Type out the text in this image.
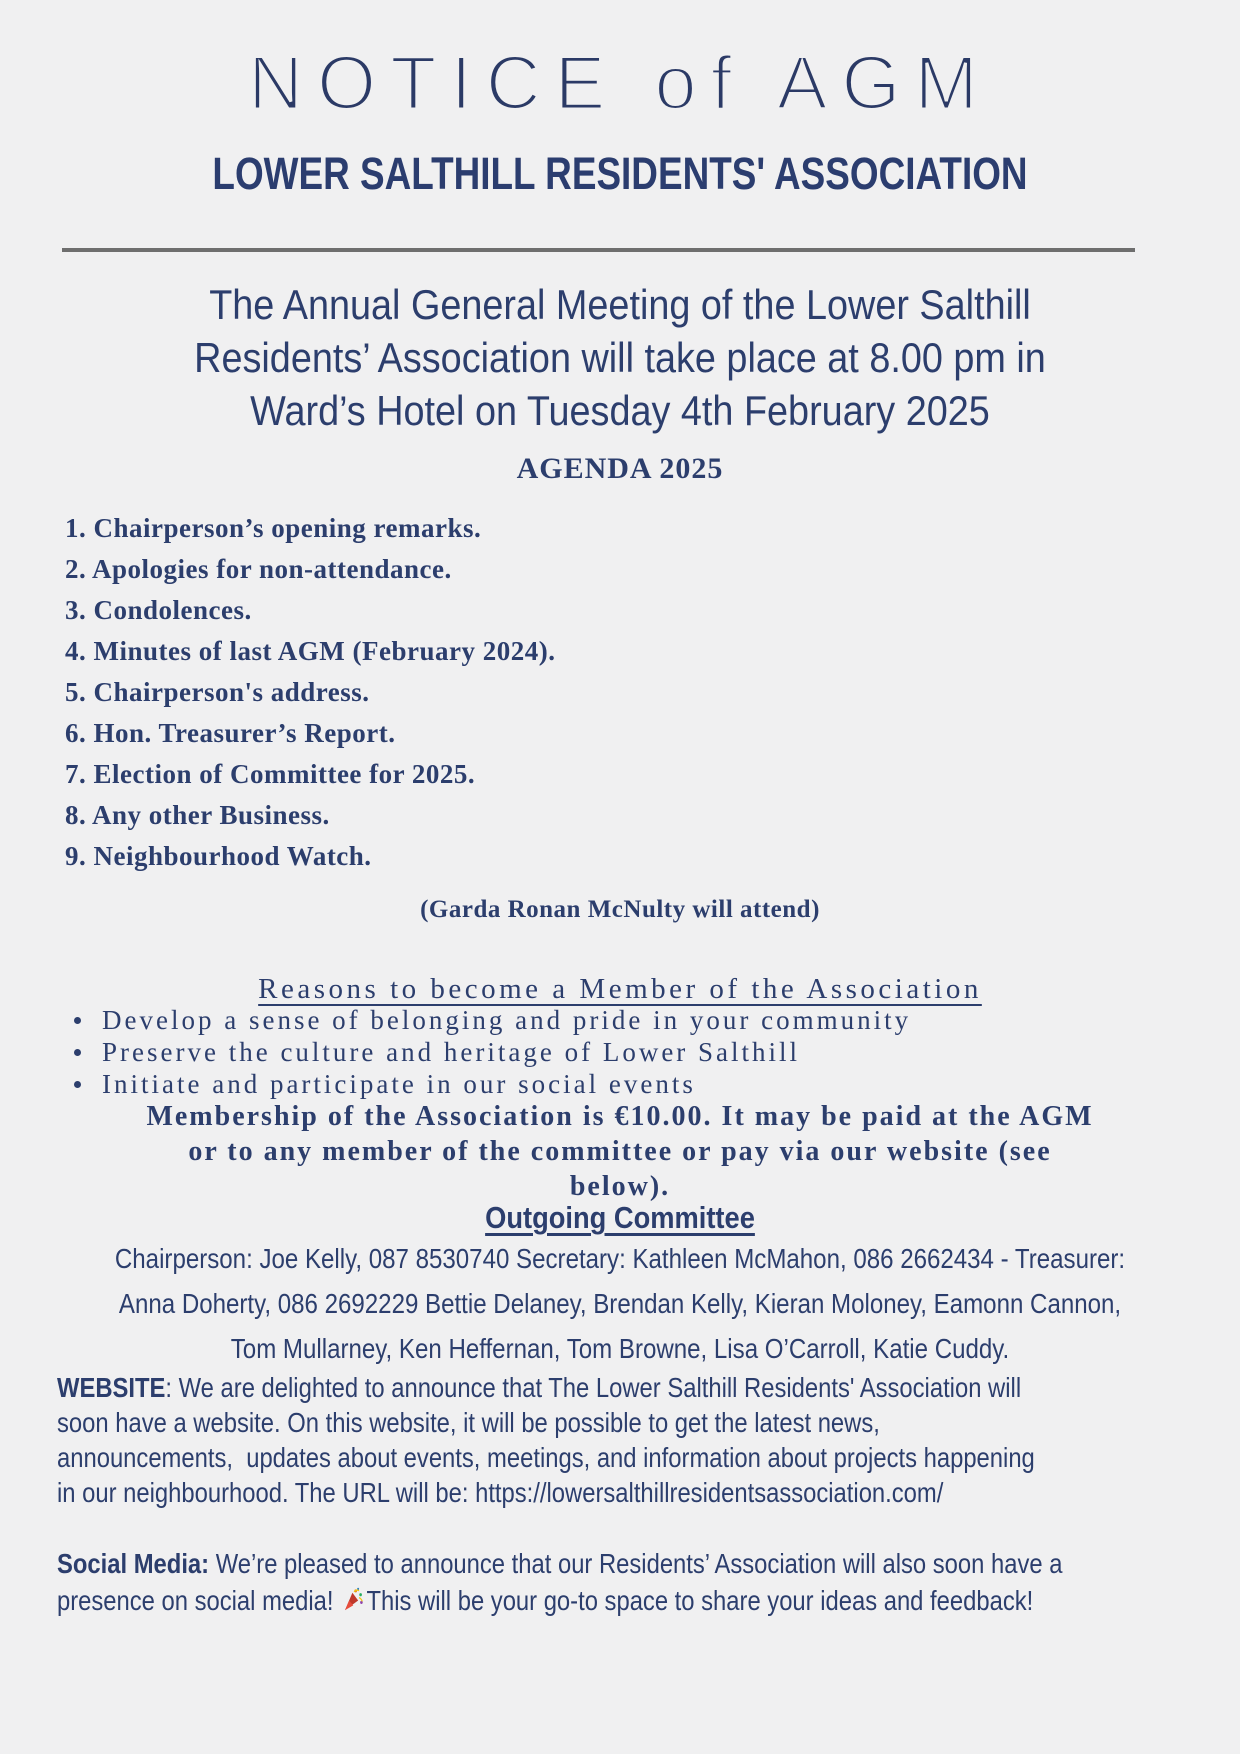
NOTICE of AGM
LOWER SALTHILL RESIDENTS' ASSOCIATION
The Annual General Meeting of the Lower Salthill
Residents’ Association will take place at 8.00 pm in
Ward’s Hotel on Tuesday 4th February 2025
AGENDA 2025
1. Chairperson’s opening remarks.
2. Apologies for non-attendance.
3. Condolences.
4. Minutes of last AGM (February 2024).
5. Chairperson's address.
6. Hon. Treasurer’s Report.
7. Election of Committee for 2025.
8. Any other Business.
9. Neighbourhood Watch.
(Garda Ronan McNulty will attend)
Reasons to become a Member of the Association
Develop a sense of belonging and pride in your community
Preserve the culture and heritage of Lower Salthill
Initiate and participate in our social events
Membership of the Association is €10.00. It may be paid at the AGM
or to any member of the committee or pay via our website (see
below).
Outgoing Committee
Chairperson: Joe Kelly, 087 8530740 Secretary: Kathleen McMahon, 086 2662434 - Treasurer:
Anna Doherty, 086 2692229 Bettie Delaney, Brendan Kelly, Kieran Moloney, Eamonn Cannon,
Tom Mullarney, Ken Heffernan, Tom Browne, Lisa O’Carroll, Katie Cuddy.
WEBSITE: We are delighted to announce that The Lower Salthill Residents' Association will
soon have a website. On this website, it will be possible to get the latest news,
announcements,  updates about events, meetings, and information about projects happening
in our neighbourhood. The URL will be: https://lowersalthillresidentsassociation.com/
Social Media: We’re pleased to announce that our Residents’ Association will also soon have a
presence on social media! This will be your go-to space to share your ideas and feedback!
